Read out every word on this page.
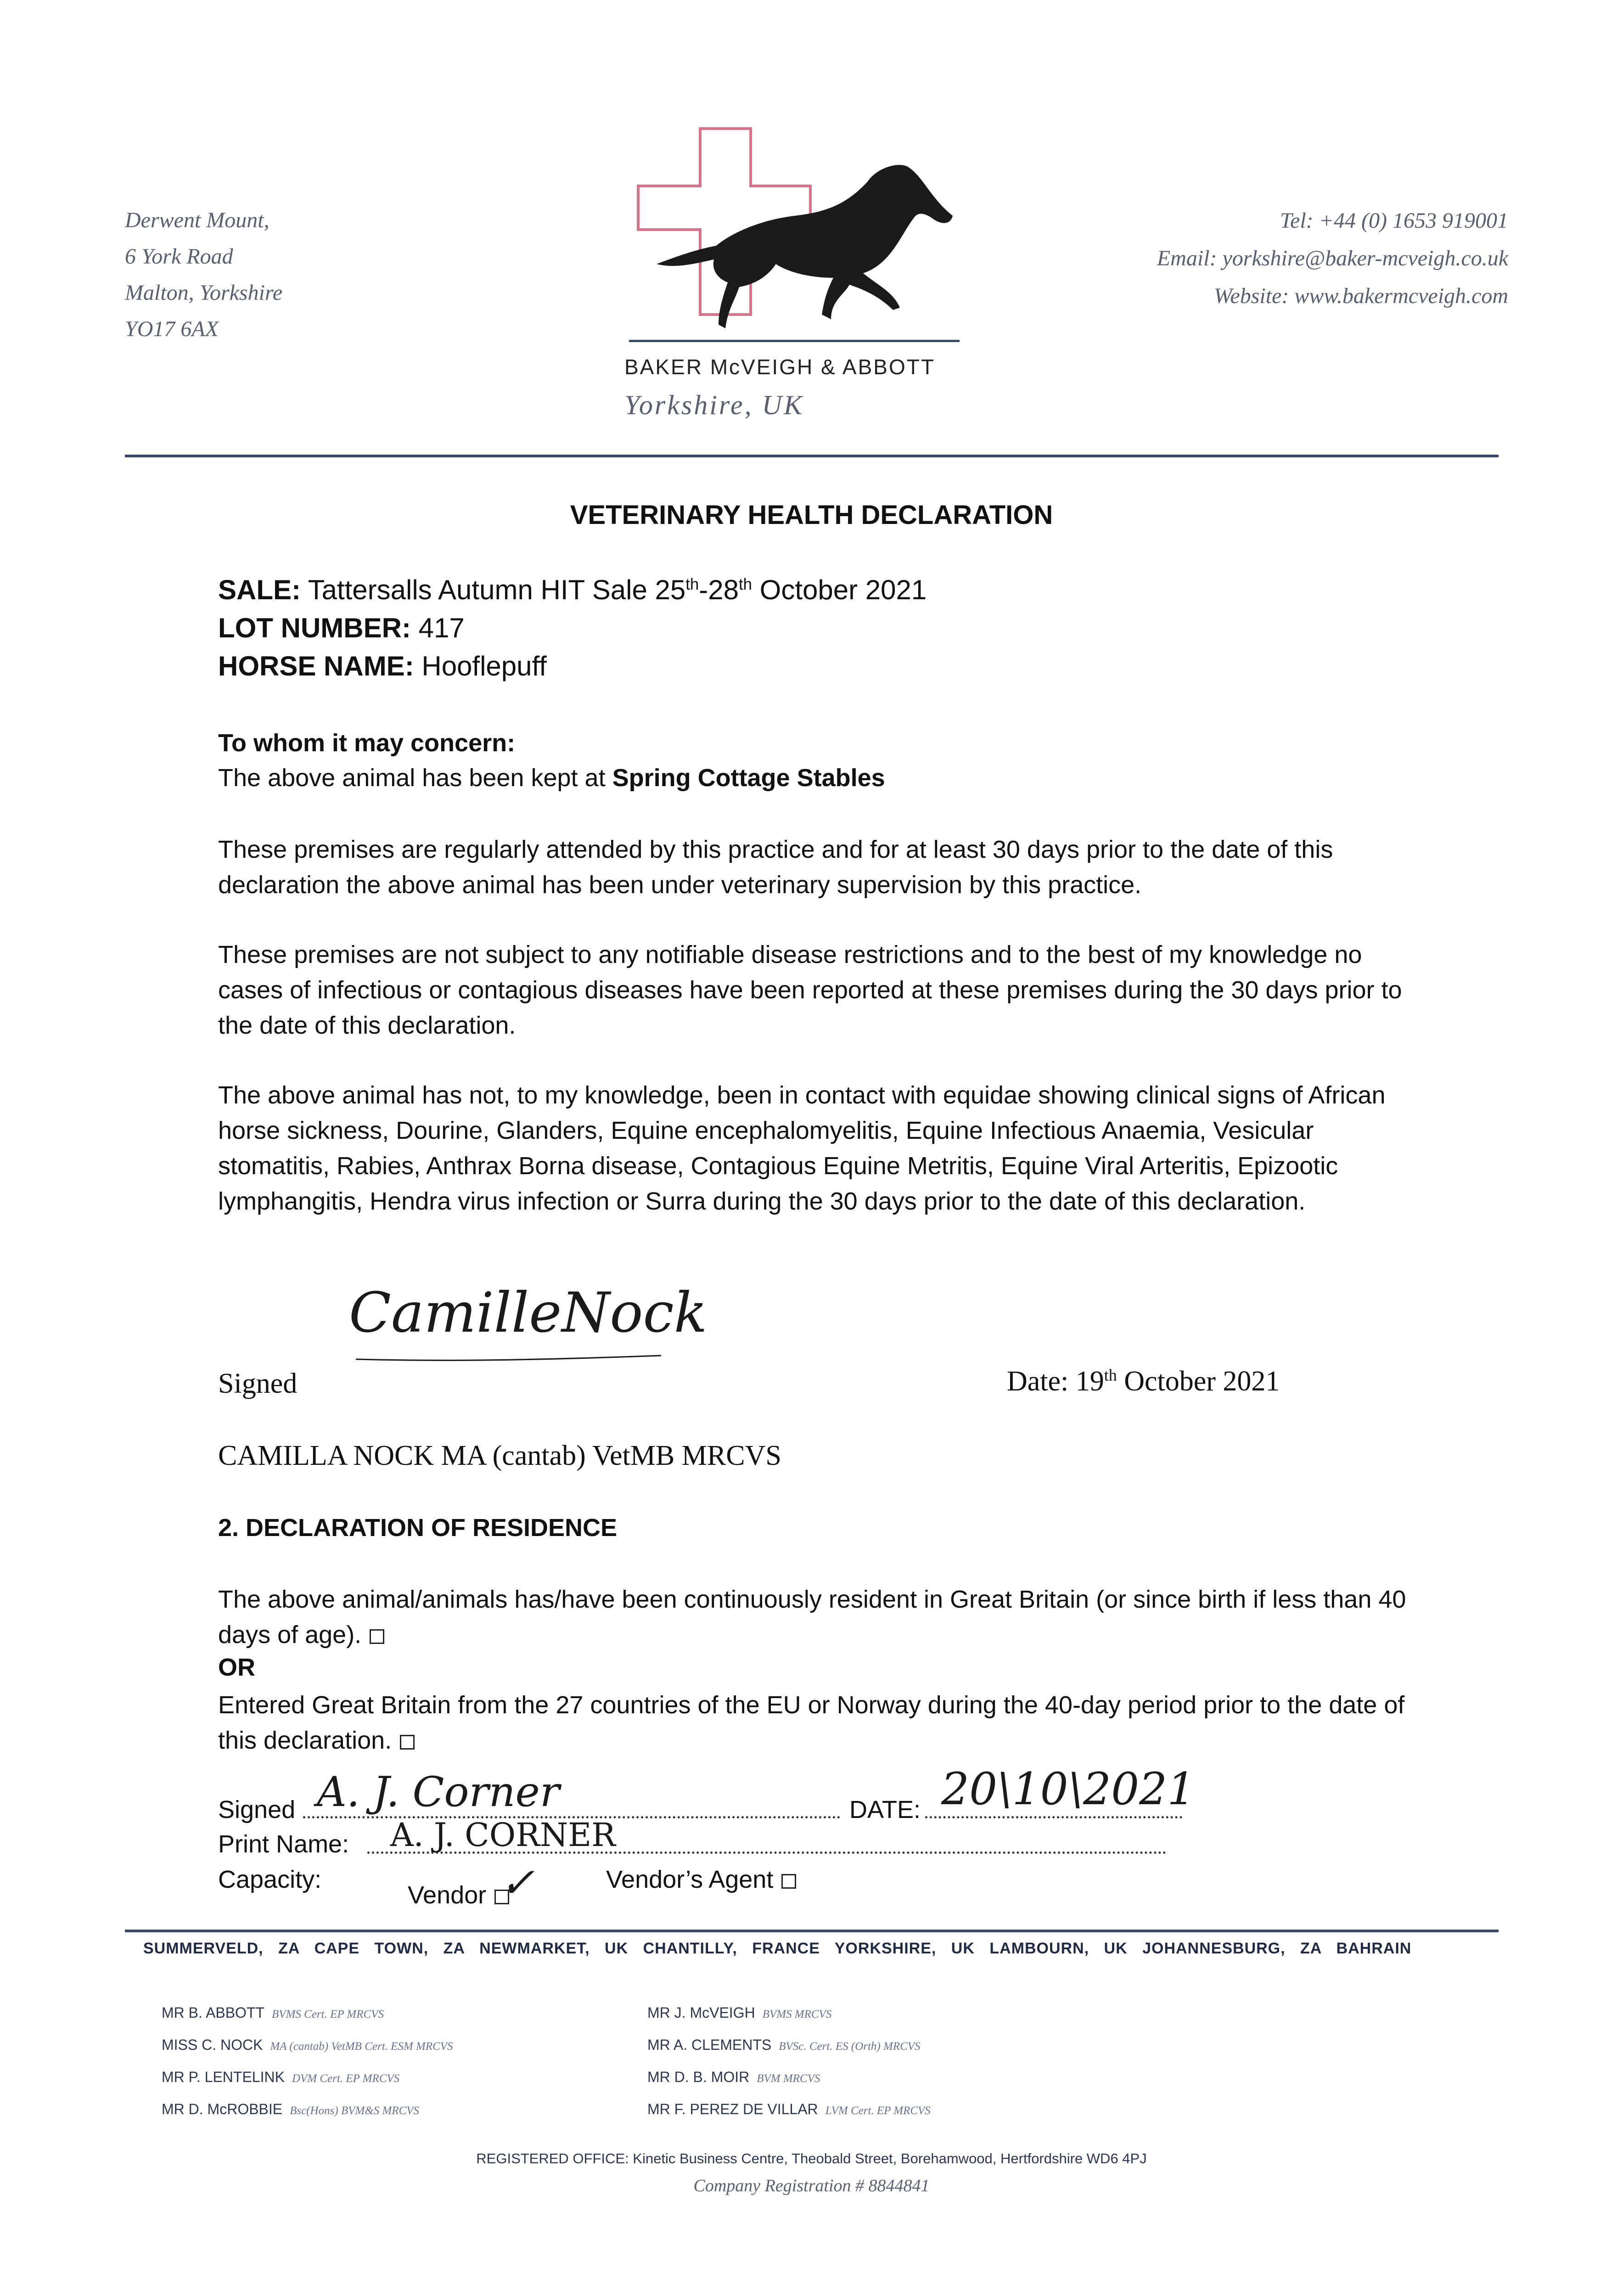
Derwent Mount,
6 York Road
Malton, Yorkshire
YO17 6AX
BAKER McVEIGH & ABBOTT
Yorkshire, UK
Tel: +44 (0) 1653 919001
Email: yorkshire@baker-mcveigh.co.uk
Website: www.bakermcveigh.com
VETERINARY HEALTH DECLARATION
SALE: Tattersalls Autumn HIT Sale 25th-28th October 2021
LOT NUMBER: 417
HORSE NAME: Hooflepuff
To whom it may concern:
The above animal has been kept at Spring Cottage Stables
These premises are regularly attended by this practice and for at least 30 days prior to the date of this declaration the above animal has been under veterinary supervision by this practice.
These premises are not subject to any notifiable disease restrictions and to the best of my knowledge no cases of infectious or contagious diseases have been reported at these premises during the 30 days prior to the date of this declaration.
The above animal has not, to my knowledge, been in contact with equidae showing clinical signs of African horse sickness, Dourine, Glanders, Equine encephalomyelitis, Equine Infectious Anaemia, Vesicular stomatitis, Rabies, Anthrax Borna disease, Contagious Equine Metritis, Equine Viral Arteritis, Epizootic lymphangitis, Hendra virus infection or Surra during the 30 days prior to the date of this declaration.
Signed
CamilleNock
Date: 19th October 2021
CAMILLA NOCK MA (cantab) VetMB MRCVS
2. DECLARATION OF RESIDENCE
The above animal/animals has/have been continuously resident in Great Britain (or since birth if less than 40 days of age).
OR
Entered Great Britain from the 27 countries of the EU or Norway during the 40-day period prior to the date of this declaration.
Signed A. J. Corner	DATE: 20\10\2021
Print Name: A. J. CORNER
Capacity:
Vendor ✓	Vendor’s Agent
SUMMERVELD, ZA CAPE TOWN, ZA NEWMARKET, UK CHANTILLY, FRANCE YORKSHIRE, UK LAMBOURN, UK JOHANNESBURG, ZA BAHRAIN
MR B. ABBOTT BVMS Cert. EP MRCVS
MISS C. NOCK MA (cantab) VetMB Cert. ESM MRCVS
MR P. LENTELINK DVM Cert. EP MRCVS
MR D. McROBBIE Bsc(Hons) BVM&S MRCVS
MR J. McVEIGH BVMS MRCVS
MR A. CLEMENTS BVSc. Cert. ES (Orth) MRCVS
MR D. B. MOIR BVM MRCVS
MR F. PEREZ DE VILLAR LVM Cert. EP MRCVS
REGISTERED OFFICE: Kinetic Business Centre, Theobald Street, Borehamwood, Hertfordshire WD6 4PJ
Company Registration # 8844841
